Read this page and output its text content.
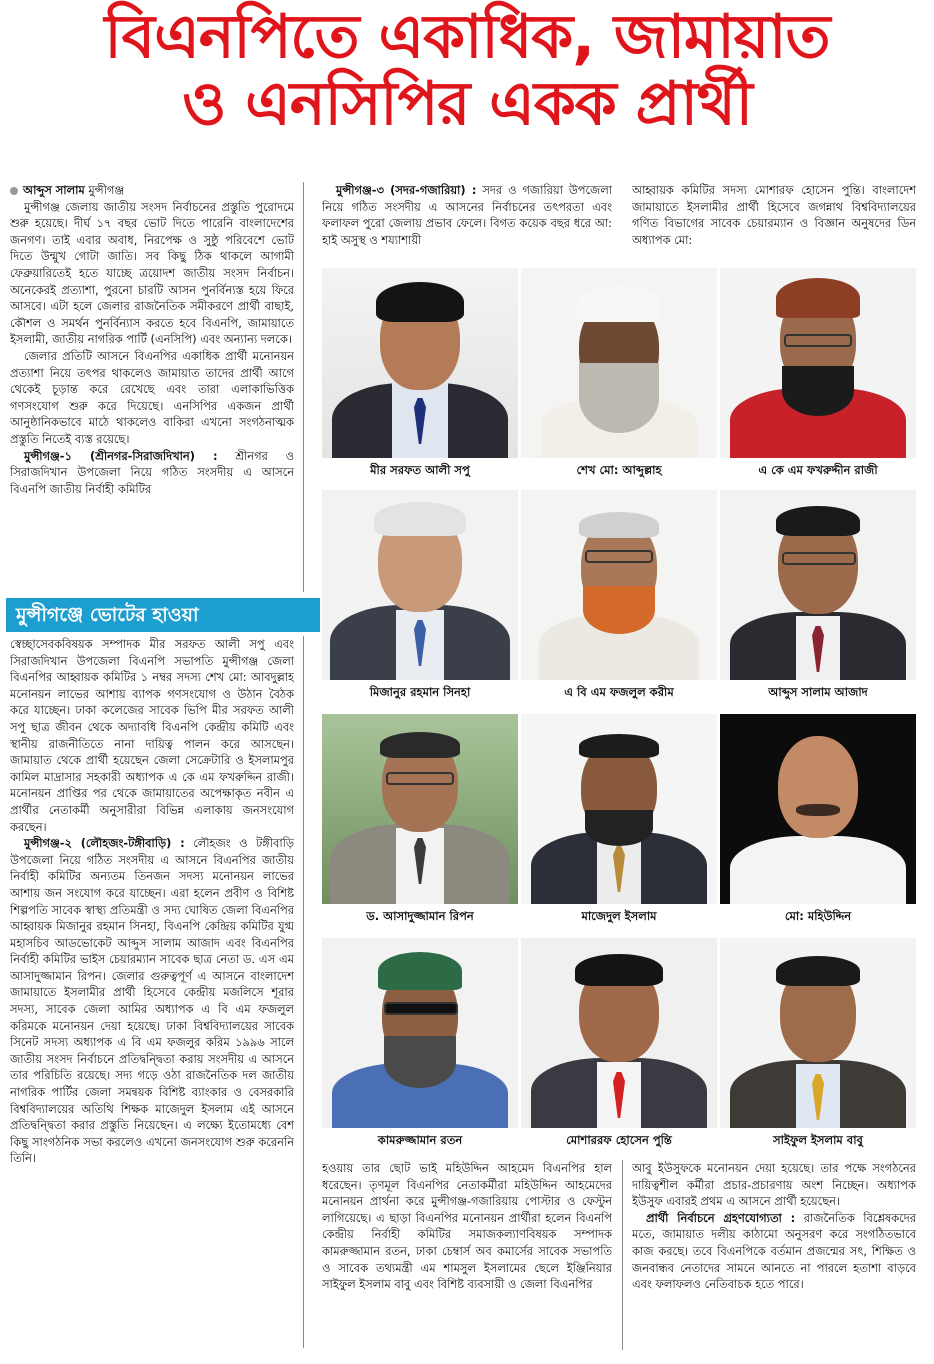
বিএনপিতে একাধিক, জামায়াত
ও এনসিপির একক প্রার্থী

আব্দুস সালাম মুন্সীগঞ্জ

মুন্সীগঞ্জ জেলায় জাতীয় সংসদ নির্বাচনের প্রস্তুতি পুরোদমে শুরু হয়েছে। দীর্ঘ ১৭ বছর ভোট দিতে পারেনি বাংলাদেশের জনগণ। তাই এবার অবাধ, নিরপেক্ষ ও সুষ্ঠু পরিবেশে ভোট দিতে উন্মুখ গোটা জাতি। সব কিছু ঠিক থাকলে আগামী ফেব্রুয়ারিতেই হতে যাচ্ছে ত্রয়োদশ জাতীয় সংসদ নির্বাচন। অনেকেরই প্রত্যাশা, পুরনো চারটি আসন পুনর্বিন্যস্ত হয়ে ফিরে আসবে। এটা হলে জেলার রাজনৈতিক সমীকরণে প্রার্থী বাছাই, কৌশল ও সমর্থন পুনর্বিন্যাস করতে হবে বিএনপি, জামায়াতে ইসলামী, জাতীয় নাগরিক পার্টি (এনসিপি) এবং অন্যান্য দলকে।

জেলার প্রতিটি আসনে বিএনপির একাধিক প্রার্থী মনোনয়ন প্রত্যাশা নিয়ে তৎপর থাকলেও জামায়াত তাদের প্রার্থী আগে থেকেই চূড়ান্ত করে রেখেছে এবং তারা এলাকাভিত্তিক গণসংযোগ শুরু করে দিয়েছে। এনসিপির একজন প্রার্থী আনুষ্ঠানিকভাবে মাঠে থাকলেও বাকিরা এখনো সংগঠনাত্মক প্রস্তুতি নিতেই ব্যস্ত রয়েছে।

মুন্সীগঞ্জ-১ (শ্রীনগর-সিরাজদিখান) : শ্রীনগর ও সিরাজদিখান উপজেলা নিয়ে গঠিত সংসদীয় এ আসনে বিএনপি জাতীয় নির্বাহী কমিটির

মুন্সীগঞ্জে ভোটের হাওয়া

স্বেচ্ছাসেবকবিষয়ক সম্পাদক মীর সরফত আলী সপু এবং সিরাজদিখান উপজেলা বিএনপি সভাপতি মুন্সীগঞ্জ জেলা বিএনপির আহ্বায়ক কমিটির ১ নম্বর সদস্য শেখ মো: আবদুল্লাহ মনোনয়ন লাভের আশায় ব্যাপক গণসংযোগ ও উঠান বৈঠক করে যাচ্ছেন। ঢাকা কলেজের সাবেক ভিপি মীর সরফত আলী সপু ছাত্র জীবন থেকে অদ্যাবধি বিএনপি কেন্দ্রীয় কমিটি এবং স্থানীয় রাজনীতিতে নানা দায়িত্ব পালন করে আসছেন। জামায়াত থেকে প্রার্থী হয়েছেন জেলা সেক্রেটারি ও ইসলামপুর কামিল মাদ্রাসার সহকারী অধ্যাপক এ কে এম ফখরুদ্দিন রাজী। মনোনয়ন প্রাপ্তির পর থেকে জামায়াতের অপেক্ষাকৃত নবীন এ প্রার্থীর নেতাকর্মী অনুসারীরা বিভিন্ন এলাকায় জনসংযোগ করছেন।

মুন্সীগঞ্জ-২ (লৌহজং-টঙ্গীবাড়ি) : লৌহজং ও টঙ্গীবাড়ি উপজেলা নিয়ে গঠিত সংসদীয় এ আসনে বিএনপির জাতীয় নির্বাহী কমিটির অন্যতম তিনজন সদস্য মনোনয়ন লাভের আশায় জন সংযোগ করে যাচ্ছেন। এরা হলেন প্রবীণ ও বিশিষ্ট শিল্পপতি সাবেক স্বাস্থ্য প্রতিমন্ত্রী ও সদ্য ঘোষিত জেলা বিএনপির আহ্বায়ক মিজানুর রহমান সিনহা, বিএনপি কেন্দ্রিয় কমিটির যুগ্ম মহাসচিব আডভোকেট আব্দুস সালাম আজাদ এবং বিএনপির নির্বাহী কমিটির ভাইস চেয়ারম্যান সাবেক ছাত্র নেতা ড. এস এম আসাদুজ্জামান রিপন। জেলার গুরুত্বপূর্ণ এ আসনে বাংলাদেশ জামায়াতে ইসলামীর প্রার্থী হিসেবে কেন্দ্রীয় মজলিসে শূরার সদস্য, সাবেক জেলা আমির অধ্যাপক এ বি এম ফজলুল করিমকে মনোনয়ন দেয়া হয়েছে। ঢাকা বিশ্ববিদ্যালয়ের সাবেক সিনেট সদস্য অধ্যাপক এ বি এম ফজলুর করিম ১৯৯৬ সালে জাতীয় সংসদ নির্বাচনে প্রতিদ্বন্দ্বিতা করায় সংসদীয় এ আসনে তার পরিচিতি রয়েছে। সদ্য গড়ে ওঠা রাজনৈতিক দল জাতীয় নাগরিক পার্টির জেলা সমন্বয়ক বিশিষ্ট ব্যাংকার ও বেসরকারি বিশ্ববিদ্যালয়ের অতিথি শিক্ষক মাজেদুল ইসলাম এই আসনে প্রতিদ্বন্দ্বিতা করার প্রস্তুতি নিয়েছেন। এ লক্ষ্যে ইতোমধ্যে বেশ কিছু সাংগঠনিক সভা করলেও এখনো জনসংযোগ শুরু করেননি তিনি।

মুন্সীগঞ্জ-৩ (সদর-গজারিয়া) : সদর ও গজারিয়া উপজেলা নিয়ে গঠিত সংসদীয় এ আসনের নির্বাচনের তৎপরতা এবং ফলাফল পুরো জেলায় প্রভাব ফেলে। বিগত কয়েক বছর ধরে আ: হাই অসুস্থ ও শয্যাশায়ী

আহ্বায়ক কমিটির সদস্য মোশারফ হোসেন পুন্তি। বাংলাদেশ জামায়াতে ইসলামীর প্রার্থী হিসেবে জগন্নাথ বিশ্ববিদ্যালয়ের গণিত বিভাগের সাবেক চেয়ারম্যান ও বিজ্ঞান অনুষদের ডিন অধ্যাপক মো:

মীর সরফত আলী সপু	শেখ মো: আব্দুল্লাহ	এ কে এম ফখরুদ্দীন রাজী
মিজানুর রহমান সিনহা	এ বি এম ফজলুল করীম	আব্দুস সালাম আজাদ
ড. আসাদুজ্জামান রিপন	মাজেদুল ইসলাম	মো: মহিউদ্দিন
কামরুজ্জামান রতন	মোশাররফ হোসেন পুন্তি	সাইফুল ইসলাম বাবু

হওয়ায় তার ছোট ভাই মহিউদ্দিন আহমেদ বিএনপির হাল ধরেছেন। তৃণমূল বিএনপির নেতাকর্মীরা মহিউদ্দিন আহমেদের মনোনয়ন প্রার্থনা করে মুন্সীগঞ্জ-গজারিয়ায় পোস্টার ও ফেস্টুন লাগিয়েছে। এ ছাড়া বিএনপির মনোনয়ন প্রার্থীরা হলেন বিএনপি কেন্দ্রীয় নির্বাহী কমিটির সমাজকল্যাণবিষয়ক সম্পাদক কামরুজ্জামান রতন, ঢাকা চেম্বার্স অব কমার্সের সাবেক সভাপতি ও সাবেক তথ্যমন্ত্রী এম শামসুল ইসলামের ছেলে ইঞ্জিনিয়ার সাইফুল ইসলাম বাবু এবং বিশিষ্ট ব্যবসায়ী ও জেলা বিএনপির

আবু ইউসুফকে মনোনয়ন দেয়া হয়েছে। তার পক্ষে সংগঠনের দায়িত্বশীল কর্মীরা প্রচার-প্রচারণায় অংশ নিচ্ছেন। অধ্যাপক ইউসুফ এবারই প্রথম এ আসনে প্রার্থী হয়েছেন।

প্রার্থী নির্বাচনে গ্রহণযোগ্যতা : রাজনৈতিক বিশ্লেষকদের মতে, জামায়াত দলীয় কাঠামো অনুসরণ করে সংগঠিতভাবে কাজ করছে। তবে বিএনপিকে বর্তমান প্রজন্মের সৎ, শিক্ষিত ও জনবান্ধব নেতাদের সামনে আনতে না পারলে হতাশা বাড়বে এবং ফলাফলও নেতিবাচক হতে পারে।
